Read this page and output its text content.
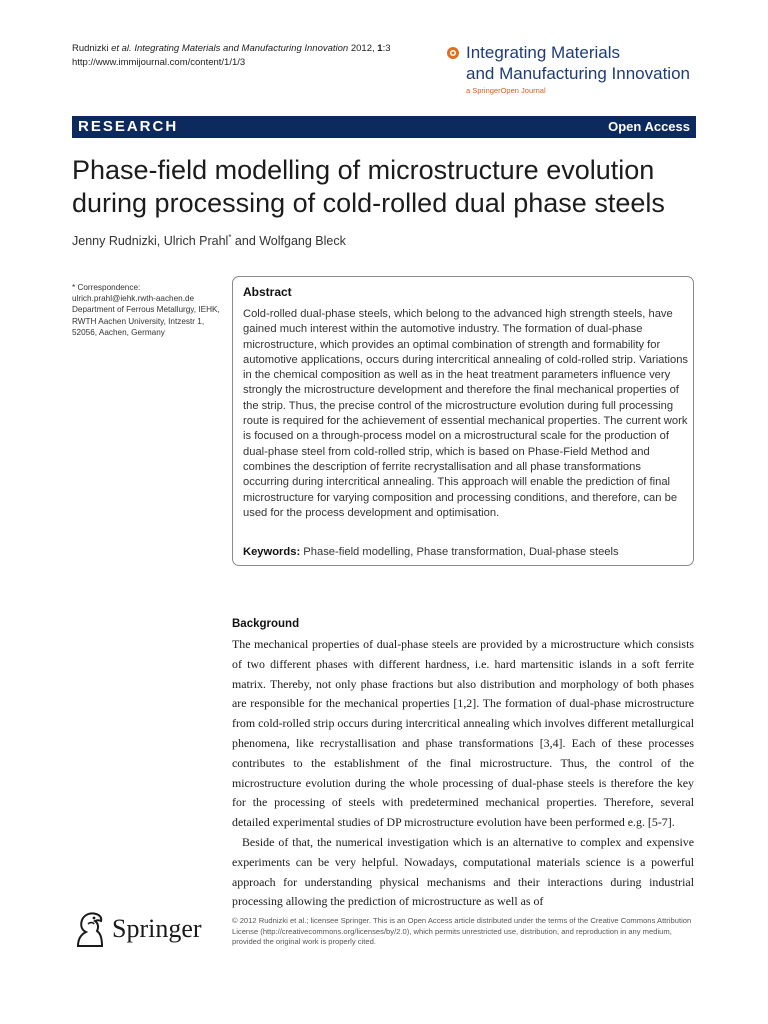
Rudnizki et al. Integrating Materials and Manufacturing Innovation 2012, 1:3
http://www.immijournal.com/content/1/1/3
Integrating Materials
and Manufacturing Innovation
a SpringerOpen Journal
RESEARCH	Open Access
Phase-field modelling of microstructure evolution during processing of cold-rolled dual phase steels
Jenny Rudnizki, Ulrich Prahl* and Wolfgang Bleck
* Correspondence: ulrich.prahl@iehk.rwth-aachen.de
Department of Ferrous Metallurgy, IEHK, RWTH Aachen University, Intzestr 1, 52056, Aachen, Germany
Abstract
Cold-rolled dual-phase steels, which belong to the advanced high strength steels, have gained much interest within the automotive industry. The formation of dual-phase microstructure, which provides an optimal combination of strength and formability for automotive applications, occurs during intercritical annealing of cold-rolled strip. Variations in the chemical composition as well as in the heat treatment parameters influence very strongly the microstructure development and therefore the final mechanical properties of the strip. Thus, the precise control of the microstructure evolution during full processing route is required for the achievement of essential mechanical properties. The current work is focused on a through-process model on a microstructural scale for the production of dual-phase steel from cold-rolled strip, which is based on Phase-Field Method and combines the description of ferrite recrystallisation and all phase transformations occurring during intercritical annealing. This approach will enable the prediction of final microstructure for varying composition and processing conditions, and therefore, can be used for the process development and optimisation.
Keywords: Phase-field modelling, Phase transformation, Dual-phase steels
Background

The mechanical properties of dual-phase steels are provided by a microstructure which consists of two different phases with different hardness, i.e. hard martensitic islands in a soft ferrite matrix. Thereby, not only phase fractions but also distribution and morphology of both phases are responsible for the mechanical properties [1,2]. The formation of dual-phase microstructure from cold-rolled strip occurs during intercritical annealing which involves different metallurgical phenomena, like recrystallisation and phase transformations [3,4]. Each of these processes contributes to the establishment of the final microstructure. Thus, the control of the microstructure evolution during the whole processing of dual-phase steels is therefore the key for the processing of steels with predetermined mechanical properties. Therefore, several detailed experimental studies of DP microstructure evolution have been performed e.g. [5-7].

Beside of that, the numerical investigation which is an alternative to complex and expensive experiments can be very helpful. Nowadays, computational materials science is a powerful approach for understanding physical mechanisms and their interactions during industrial processing allowing the prediction of microstructure as well as of

Springer	© 2012 Rudnizki et al.; licensee Springer. This is an Open Access article distributed under the terms of the Creative Commons Attribution License (http://creativecommons.org/licenses/by/2.0), which permits unrestricted use, distribution, and reproduction in any medium, provided the original work is properly cited.
